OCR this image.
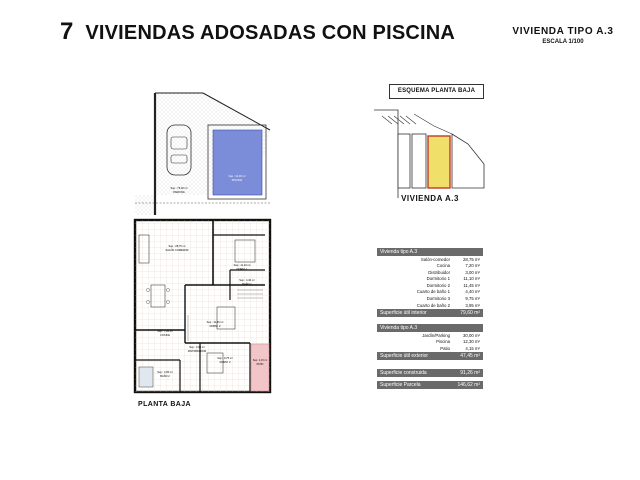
7 VIVIENDAS ADOSADAS CON PISCINA	VIVIENDA TIPO A.3
ESCALA 1/100
Sup.: 76,00 m²
PARKING
Sup.: 12,30 m²
PISCINA
Sup.: 28,75 m²
SALÓN COMEDOR
Sup.: 7,20 m²
COCINA
Sup.: 11,10 m²
DORM. 1
Sup.: 4,40 m²
BAÑO 1
Sup.: 11,45 m²
DORM. 2
Sup.: 3,00 m²
DISTRIBUIDOR
Sup.: 9,75 m²
DORM. 3
Sup.: 3,95 m²
BAÑO 2
Sup.: 4,15 m²
PATIO
PLANTA BAJA
ESQUEMA PLANTA BAJA
VIVIENDA A.3
Vivienda tipo A.3
Salón-comedor	28,75 m²
Cocina	7,20 m²
Distribuidor	3,00 m²
Dormitorio 1	11,10 m²
Dormitorio 2	11,45 m²
Cuarto de baño 1	4,40 m²
Dormitorio 3	9,75 m²
Cuarto de baño 2	3,95 m²
Superficie útil interior	79,60 m²
Vivienda tipo A.3
Jardín/Parking	30,00 m²
Piscina	12,30 m²
Patio	4,15 m²
Superficie útil exterior	47,45 m²
Superficie construida	91,26 m²
Superficie Parcela	146,62 m²
